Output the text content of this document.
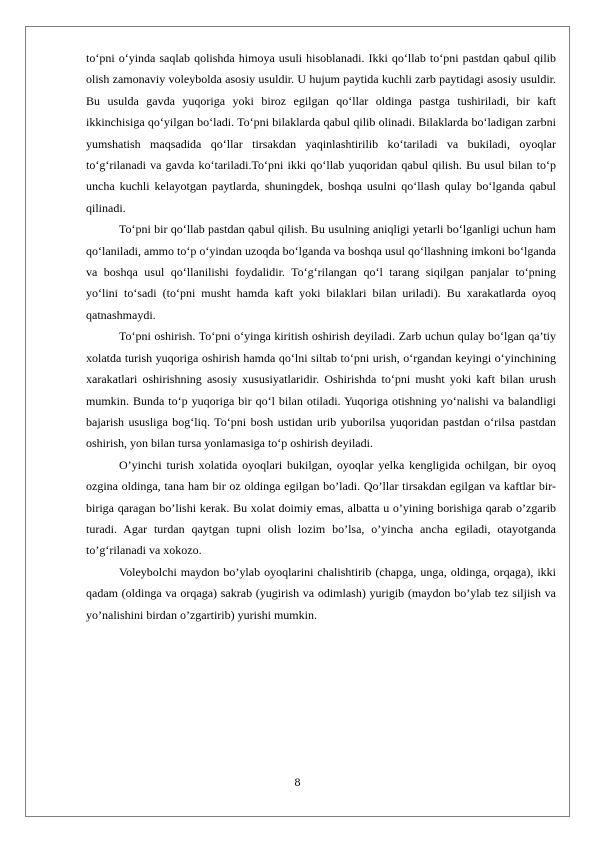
to‘pni o‘yinda saqlab qolishda himoya usuli hisoblanadi. Ikki qo‘llab to‘pni pastdan qabul qilib olish zamonaviy voleybolda asosiy usuldir. U hujum paytida kuchli zarb paytidagi asosiy usuldir. Bu usulda gavda yuqoriga yoki biroz egilgan qo‘llar oldinga pastga tushiriladi, bir kaft ikkinchisiga qo‘yilgan bo‘ladi. To‘pni bilaklarda qabul qilib olinadi. Bilaklarda bo‘ladigan zarbni yumshatish maqsadida qo‘llar tirsakdan yaqinlashtirilib ko‘tariladi va bukiladi, oyoqlar to‘g‘rilanadi va gavda ko‘tariladi.To‘pni ikki qo‘llab yuqoridan qabul qilish. Bu usul bilan to‘p uncha kuchli kelayotgan paytlarda, shuningdek, boshqa usulni qo‘llash qulay bo‘lganda qabul qilinadi.

To‘pni bir qo‘llab pastdan qabul qilish. Bu usulning aniqligi yetarli bo‘lganligi uchun ham qo‘laniladi, ammo to‘p o‘yindan uzoqda bo‘lganda va boshqa usul qo‘llashning imkoni bo‘lganda va boshqa usul qo‘llanilishi foydalidir. To‘g‘rilangan qo‘l tarang siqilgan panjalar to‘pning yo‘lini to‘sadi (to‘pni musht hamda kaft yoki bilaklari bilan uriladi). Bu xarakatlarda oyoq qatnashmaydi.

To‘pni oshirish. To‘pni o‘yinga kiritish oshirish deyiladi. Zarb uchun qulay bo‘lgan qa’tiy xolatda turish yuqoriga oshirish hamda qo‘lni siltab to‘pni urish, o‘rgandan keyingi o‘yinchining xarakatlari oshirishning asosiy xususiyatlaridir. Oshirishda to‘pni musht yoki kaft bilan urush mumkin. Bunda to‘p yuqoriga bir qo‘l bilan otiladi. Yuqoriga otishning yo‘nalishi va balandligi bajarish ususliga bog‘liq. To‘pni bosh ustidan urib yuborilsa yuqoridan pastdan o‘rilsa pastdan oshirish, yon bilan tursa yonlamasiga to‘p oshirish deyiladi.

O’yinchi turish xolatida oyoqlari bukilgan, oyoqlar yelka kengligida ochilgan, bir oyoq ozgina oldinga, tana ham bir oz oldinga egilgan bo’ladi. Qo’llar tirsakdan egilgan va kaftlar bir-biriga qaragan bo’lishi kerak. Bu xolat doimiy emas, albatta u o’yining borishiga qarab o’zgarib turadi. Agar turdan qaytgan tupni olish lozim bo’lsa, o’yincha ancha egiladi, otayotganda to’g‘rilanadi va xokozo.

Voleybolchi maydon bo’ylab oyoqlarini chalishtirib (chapga, unga, oldinga, orqaga), ikki qadam (oldinga va orqaga) sakrab (yugirish va odimlash) yurigib (maydon bo’ylab tez siljish va yo’nalishini birdan o’zgartirib) yurishi mumkin.

8
